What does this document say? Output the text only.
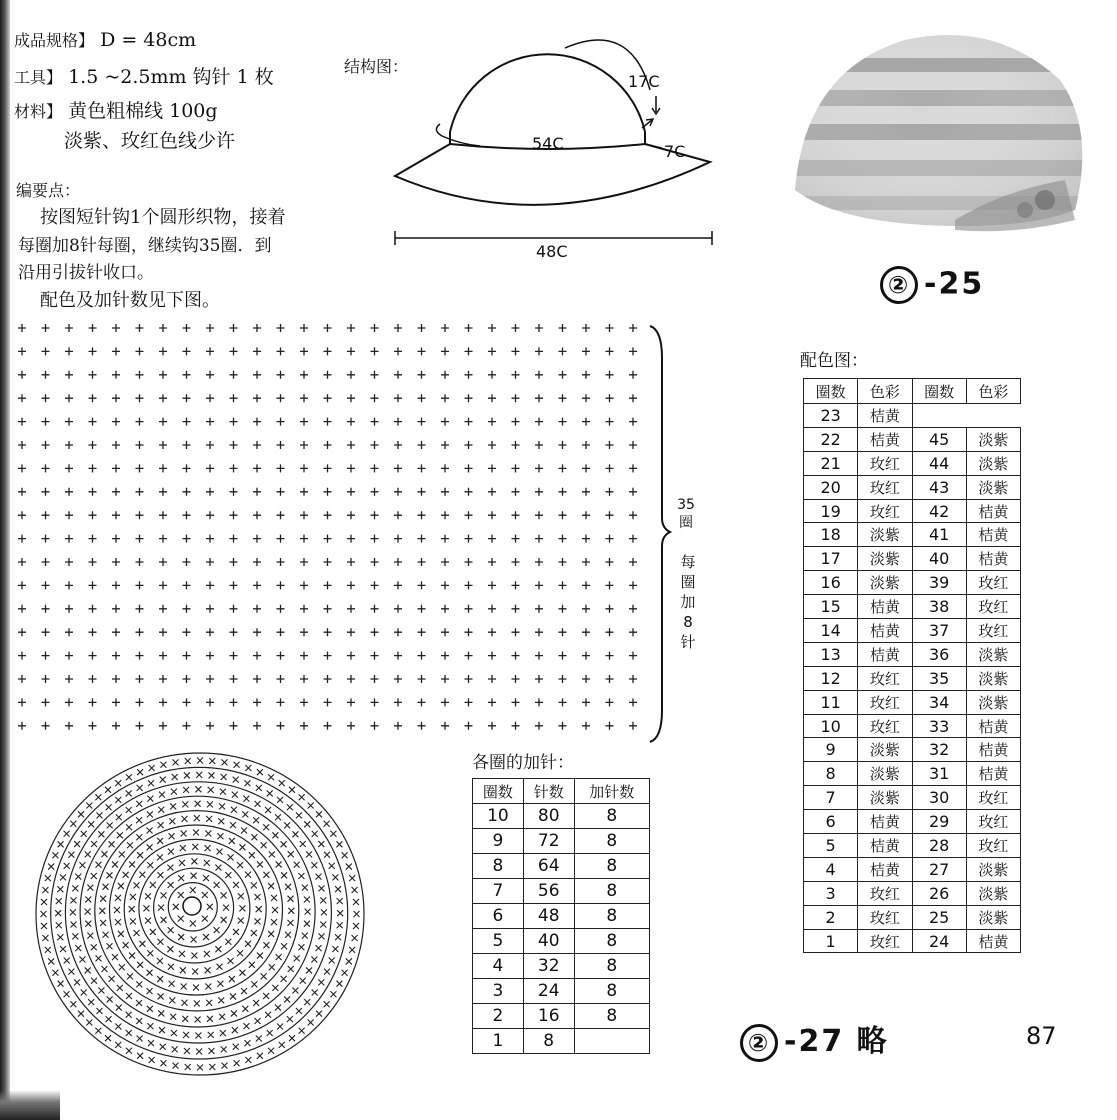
成品规格】 D = 48cm
工具】 1.5 ~2.5mm 钩针 1 枚
材料】 黄色粗棉线 100g
淡紫、玫红色线少许
编要点：
按图短针钩1个圆形织物，接着
每圈加8针每圈，继续钩35圈．到
沿用引拔针收口。
配色及加针数见下图。
结构图：
54C
17C
7C
48C
② -25
② -27 略
35圈
每圈加8针
各圈的加针：
圈数	针数	加针数
10	80	8
9	72	8
8	64	8
7	56	8
6	48	8
5	40	8
4	32	8
3	24	8
2	16	8
1	8	
配色图：
圈数	色彩	圈数	色彩
23	桔黄		
22	桔黄	45	淡紫
21	玫红	44	淡紫
20	玫红	43	淡紫
19	玫红	42	桔黄
18	淡紫	41	桔黄
17	淡紫	40	桔黄
16	淡紫	39	玫红
15	桔黄	38	玫红
14	桔黄	37	玫红
13	桔黄	36	淡紫
12	玫红	35	淡紫
11	玫红	34	淡紫
10	玫红	33	桔黄
9	淡紫	32	桔黄
8	淡紫	31	桔黄
7	淡紫	30	玫红
6	桔黄	29	玫红
5	桔黄	28	玫红
4	桔黄	27	淡紫
3	玫红	26	淡紫
2	玫红	25	淡紫
1	玫红	24	桔黄
87
